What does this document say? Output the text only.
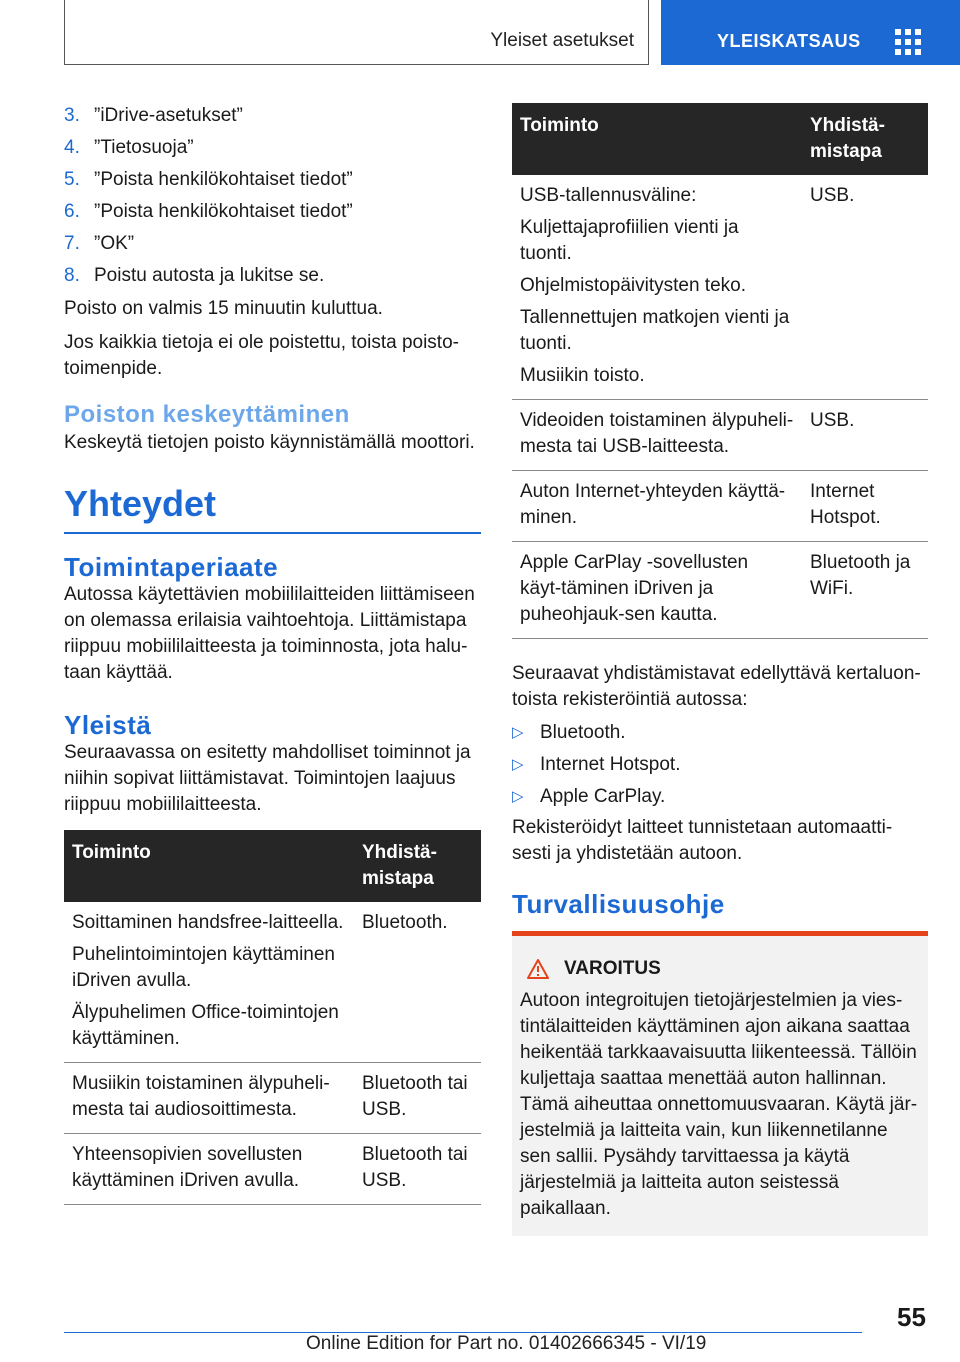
Yleiset asetukset	YLEISKATSAUS
3. ”iDrive-asetukset”
4. ”Tietosuoja”
5. ”Poista henkilökohtaiset tiedot”
6. ”Poista henkilökohtaiset tiedot”
7. ”OK”
8. Poistu autosta ja lukitse se.

Poisto on valmis 15 minuutin kuluttua.

Jos kaikkia tietoja ei ole poistettu, toista poisto-toimenpide.

Poiston keskeyttäminen

Keskeytä tietojen poisto käynnistämällä moottori.

Yhteydet
Toimintaperiaate

Autossa käytettävien mobiililaitteiden liittämiseen on olemassa erilaisia vaihtoehtoja. Liittämistapa riippuu mobiililaitteesta ja toiminnosta, jota halu-taan käyttää.

Yleistä

Seuraavassa on esitetty mahdolliset toiminnot ja niihin sopivat liittämistavat. Toimintojen laajuus riippuu mobiililaitteesta.

Toiminto	Yhdistä-mistapa

Soittaminen handsfree-laitteella.
Puhelintoimintojen käyttäminen iDriven avulla.
Älypuhelimen Office-toimintojen käyttäminen.	Bluetooth.

Musiikin toistaminen älypuheli-mesta tai audiosoittimesta.	Bluetooth tai USB.

Yhteensopivien sovellusten käyttäminen iDriven avulla.	Bluetooth tai USB.
Toiminto	Yhdistä-mistapa

USB-tallennusväline:
Kuljettajaprofiilien vienti ja tuonti.
Ohjelmistopäivitysten teko.
Tallennettujen matkojen vienti ja tuonti.
Musiikin toisto.	USB.

Videoiden toistaminen älypuheli-mesta tai USB-laitteesta.	USB.

Auton Internet-yhteyden käyttä-minen.	Internet Hotspot.

Apple CarPlay -sovellusten käyt-täminen iDriven ja puheohjauk-sen kautta.	Bluetooth ja WiFi.

Seuraavat yhdistämistavat edellyttävä kertaluon-toista rekisteröintiä autossa:

▷ Bluetooth.
▷ Internet Hotspot.
▷ Apple CarPlay.

Rekisteröidyt laitteet tunnistetaan automaatti-sesti ja yhdistetään autoon.

Turvallisuusohje
VAROITUS

Autoon integroitujen tietojärjestelmien ja vies-tintälaitteiden käyttäminen ajon aikana saattaa heikentää tarkkaavaisuutta liikenteessä. Tällöin kuljettaja saattaa menettää auton hallinnan. Tämä aiheuttaa onnettomuusvaaran. Käytä jär-jestelmiä ja laitteita vain, kun liikennetilanne sen sallii. Pysähdy tarvittaessa ja käytä järjestelmiä ja laitteita auton seistessä paikallaan.

55
Online Edition for Part no. 01402666345 - VI/19
